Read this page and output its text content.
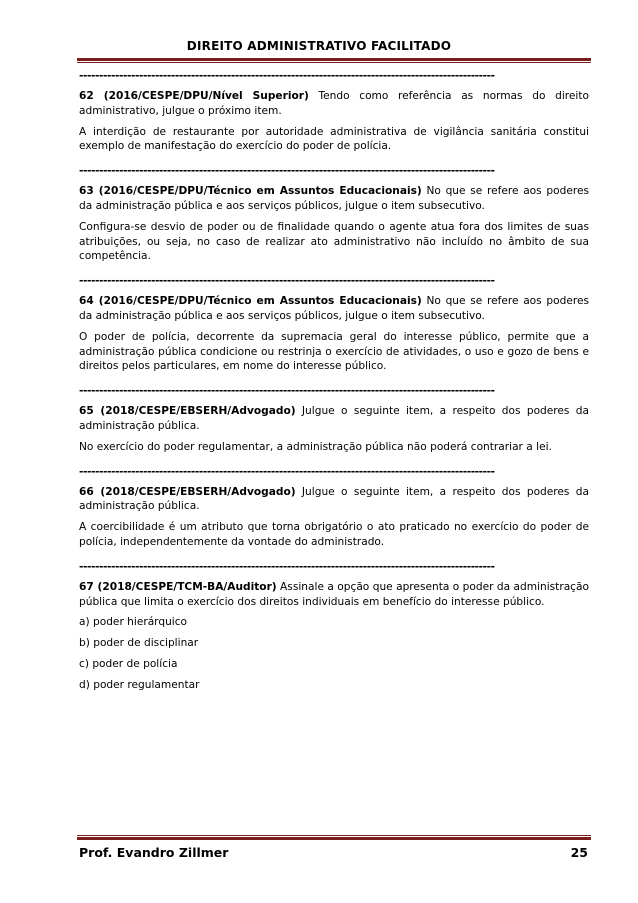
DIREITO ADMINISTRATIVO FACILITADO
--------------------------------------------------------------------------------------------------------
62 (2016/CESPE/DPU/Nível Superior) Tendo como referência as normas do direito administrativo, julgue o próximo item.
A interdição de restaurante por autoridade administrativa de vigilância sanitária constitui exemplo de manifestação do exercício do poder de polícia.
--------------------------------------------------------------------------------------------------------
63 (2016/CESPE/DPU/Técnico em Assuntos Educacionais) No que se refere aos poderes da administração pública e aos serviços públicos, julgue o item subsecutivo.
Configura-se desvio de poder ou de finalidade quando o agente atua fora dos limites de suas atribuições, ou seja, no caso de realizar ato administrativo não incluído no âmbito de sua competência.
--------------------------------------------------------------------------------------------------------
64 (2016/CESPE/DPU/Técnico em Assuntos Educacionais) No que se refere aos poderes da administração pública e aos serviços públicos, julgue o item subsecutivo.
O poder de polícia, decorrente da supremacia geral do interesse público, permite que a administração pública condicione ou restrinja o exercício de atividades, o uso e gozo de bens e direitos pelos particulares, em nome do interesse público.
--------------------------------------------------------------------------------------------------------
65 (2018/CESPE/EBSERH/Advogado) Julgue o seguinte item, a respeito dos poderes da administração pública.
No exercício do poder regulamentar, a administração pública não poderá contrariar a lei.
--------------------------------------------------------------------------------------------------------
66 (2018/CESPE/EBSERH/Advogado) Julgue o seguinte item, a respeito dos poderes da administração pública.
A coercibilidade é um atributo que torna obrigatório o ato praticado no exercício do poder de polícia, independentemente da vontade do administrado.
--------------------------------------------------------------------------------------------------------
67 (2018/CESPE/TCM-BA/Auditor) Assinale a opção que apresenta o poder da administração pública que limita o exercício dos direitos individuais em benefício do interesse público.
a) poder hierárquico
b) poder de disciplinar
c) poder de polícia
d) poder regulamentar
Prof. Evandro Zillmer	25
